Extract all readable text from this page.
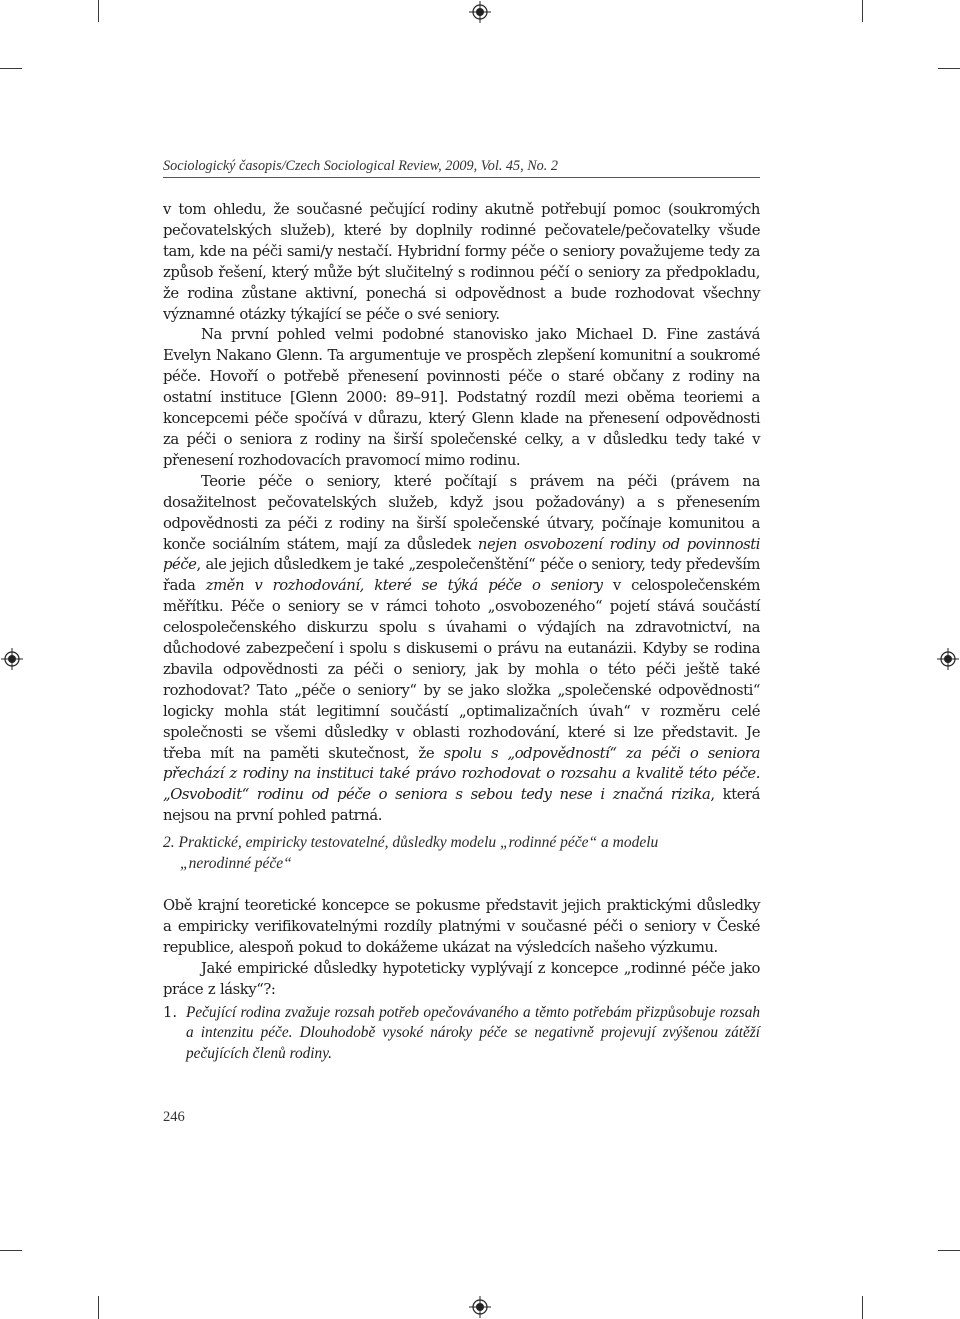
Sociologický časopis/Czech Sociological Review, 2009, Vol. 45, No. 2

v tom ohledu, že současné pečující rodiny akutně potřebují pomoc (soukromých pečovatelských služeb), které by doplnily rodinné pečovatele/pečovatelky všude tam, kde na péči sami/y nestačí. Hybridní formy péče o seniory považujeme tedy za způsob řešení, který může být slučitelný s rodinnou péčí o seniory za předpokladu, že rodina zůstane aktivní, ponechá si odpovědnost a bude rozhodovat všechny významné otázky týkající se péče o své seniory.

Na první pohled velmi podobné stanovisko jako Michael D. Fine zastává Evelyn Nakano Glenn. Ta argumentuje ve prospěch zlepšení komunitní a soukromé péče. Hovoří o potřebě přenesení povinnosti péče o staré občany z rodiny na ostatní instituce [Glenn 2000: 89–91]. Podstatný rozdíl mezi oběma teoriemi a koncepcemi péče spočívá v důrazu, který Glenn klade na přenesení odpovědnosti za péči o seniora z rodiny na širší společenské celky, a v důsledku tedy také v přenesení rozhodovacích pravomocí mimo rodinu.

Teorie péče o seniory, které počítají s právem na péči (právem na dosažitelnost pečovatelských služeb, když jsou požadovány) a s přenesením odpovědnosti za péči z rodiny na širší společenské útvary, počínaje komunitou a konče sociálním státem, mají za důsledek nejen osvobození rodiny od povinnosti péče, ale jejich důsledkem je také „zespolečenštění“ péče o seniory, tedy především řada změn v rozhodování, které se týká péče o seniory v celospolečenském měřítku. Péče o seniory se v rámci tohoto „osvobozeného“ pojetí stává součástí celospolečenského diskurzu spolu s úvahami o výdajích na zdravotnictví, na důchodové zabezpečení i spolu s diskusemi o právu na eutanázii. Kdyby se rodina zbavila odpovědnosti za péči o seniory, jak by mohla o této péči ještě také rozhodovat? Tato „péče o seniory“ by se jako složka „společenské odpovědnosti“ logicky mohla stát legitimní součástí „optimalizačních úvah“ v rozměru celé společnosti se všemi důsledky v oblasti rozhodování, které si lze představit. Je třeba mít na paměti skutečnost, že spolu s „odpovědností“ za péči o seniora přechází z rodiny na instituci také právo rozhodovat o rozsahu a kvalitě této péče. „Osvobodit“ rodinu od péče o seniora s sebou tedy nese i značná rizika, která nejsou na první pohled patrná.

2. Praktické, empiricky testovatelné, důsledky modelu „rodinné péče“ a modelu
„nerodinné péče“

Obě krajní teoretické koncepce se pokusme představit jejich praktickými důsledky a empiricky verifikovatelnými rozdíly platnými v současné péči o seniory v České republice, alespoň pokud to dokážeme ukázat na výsledcích našeho výzkumu.

Jaké empirické důsledky hypoteticky vyplývají z koncepce „rodinné péče jako práce z lásky“?:

1. Pečující rodina zvažuje rozsah potřeb opečovávaného a těmto potřebám přizpůsobuje rozsah a intenzitu péče. Dlouhodobě vysoké nároky péče se negativně projevují zvýšenou zátěží pečujících členů rodiny.
246
